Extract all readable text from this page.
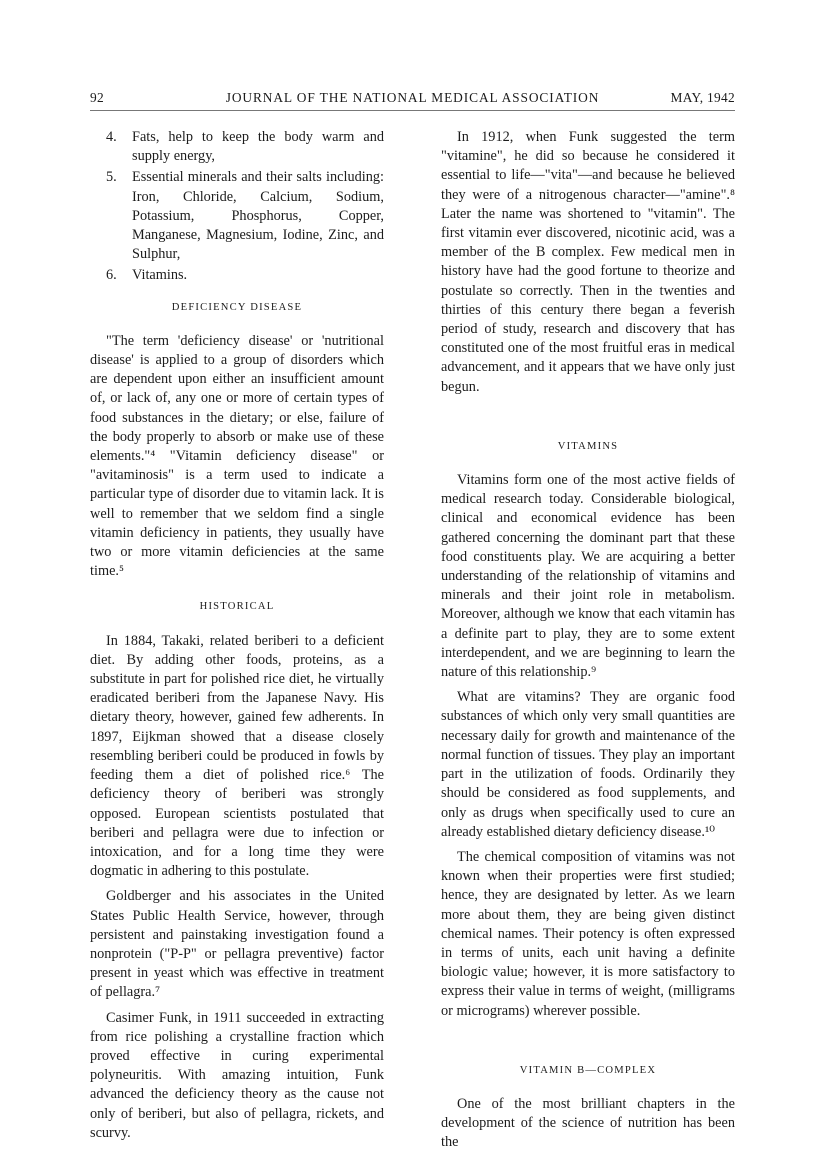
92	JOURNAL OF THE NATIONAL MEDICAL ASSOCIATION	MAY, 1942
4. Fats, help to keep the body warm and supply energy,
5. Essential minerals and their salts including: Iron, Chloride, Calcium, Sodium, Potassium, Phosphorus, Copper, Manganese, Magnesium, Iodine, Zinc, and Sulphur,
6. Vitamins.
DEFICIENCY DISEASE

"The term 'deficiency disease' or 'nutritional disease' is applied to a group of disorders which are dependent upon either an insufficient amount of, or lack of, any one or more of certain types of food substances in the dietary; or else, failure of the body properly to absorb or make use of these elements."⁴ "Vitamin deficiency disease" or "avitaminosis" is a term used to indicate a particular type of disorder due to vitamin lack. It is well to remember that we seldom find a single vitamin deficiency in patients, they usually have two or more vitamin deficiencies at the same time.⁵

HISTORICAL

In 1884, Takaki, related beriberi to a deficient diet. By adding other foods, proteins, as a substitute in part for polished rice diet, he virtually eradicated beriberi from the Japanese Navy. His dietary theory, however, gained few adherents. In 1897, Eijkman showed that a disease closely resembling beriberi could be produced in fowls by feeding them a diet of polished rice.⁶ The deficiency theory of beriberi was strongly opposed. European scientists postulated that beriberi and pellagra were due to infection or intoxication, and for a long time they were dogmatic in adhering to this postulate.

Goldberger and his associates in the United States Public Health Service, however, through persistent and painstaking investigation found a nonprotein ("P-P" or pellagra preventive) factor present in yeast which was effective in treatment of pellagra.⁷

Casimer Funk, in 1911 succeeded in extracting from rice polishing a crystalline fraction which proved effective in curing experimental polyneuritis. With amazing intuition, Funk advanced the deficiency theory as the cause not only of beriberi, but also of pellagra, rickets, and scurvy.

In 1912, when Funk suggested the term "vitamine", he did so because he considered it essential to life—"vita"—and because he believed they were of a nitrogenous character—"amine".⁸ Later the name was shortened to "vitamin". The first vitamin ever discovered, nicotinic acid, was a member of the B complex. Few medical men in history have had the good fortune to theorize and postulate so correctly. Then in the twenties and thirties of this century there began a feverish period of study, research and discovery that has constituted one of the most fruitful eras in medical advancement, and it appears that we have only just begun.

VITAMINS

Vitamins form one of the most active fields of medical research today. Considerable biological, clinical and economical evidence has been gathered concerning the dominant part that these food constituents play. We are acquiring a better understanding of the relationship of vitamins and minerals and their joint role in metabolism. Moreover, although we know that each vitamin has a definite part to play, they are to some extent interdependent, and we are beginning to learn the nature of this relationship.⁹

What are vitamins? They are organic food substances of which only very small quantities are necessary daily for growth and maintenance of the normal function of tissues. They play an important part in the utilization of foods. Ordinarily they should be considered as food supplements, and only as drugs when specifically used to cure an already established dietary deficiency disease.¹⁰

The chemical composition of vitamins was not known when their properties were first studied; hence, they are designated by letter. As we learn more about them, they are being given distinct chemical names. Their potency is often expressed in terms of units, each unit having a definite biologic value; however, it is more satisfactory to express their value in terms of weight, (milligrams or micrograms) wherever possible.

VITAMIN B—COMPLEX

One of the most brilliant chapters in the development of the science of nutrition has been the
